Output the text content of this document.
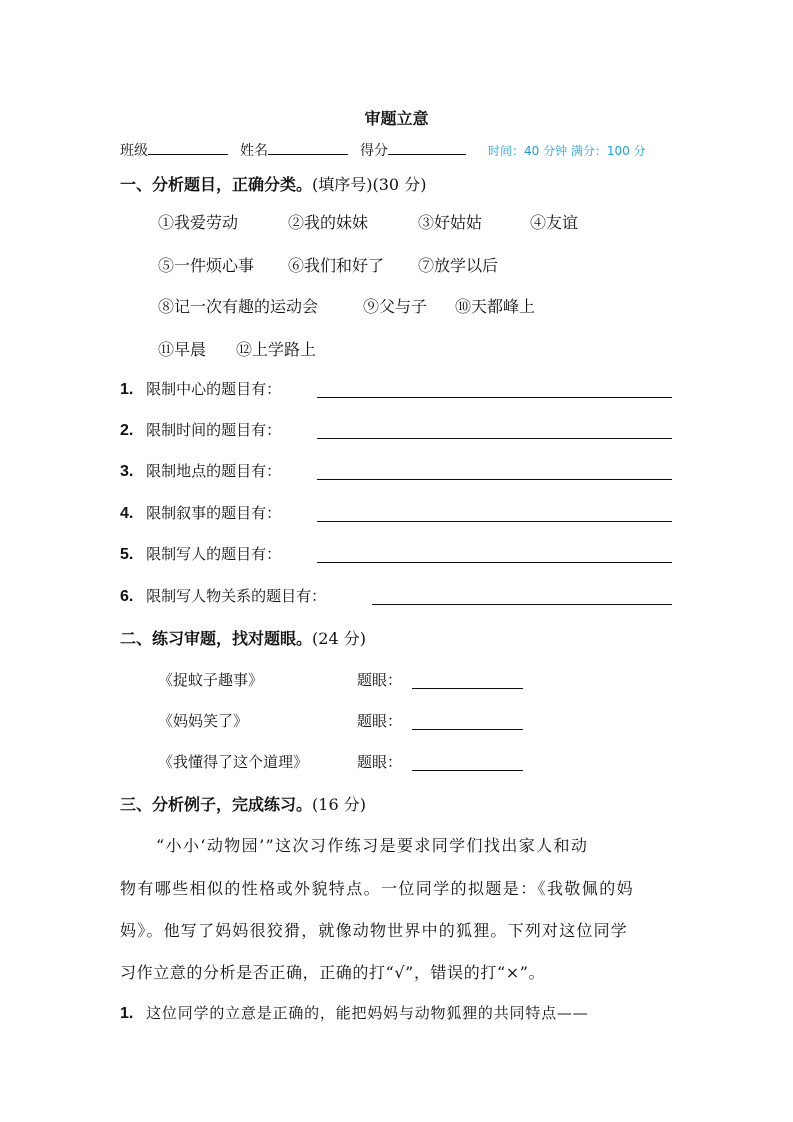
审题立意
班级	姓名	得分	时间：40 分钟 满分：100 分
一、分析题目，正确分类。(填序号)(30 分)
①我爱劳动	②我的妹妹	③好姑姑	④友谊
⑤一件烦心事 ⑥我们和好了 ⑦放学以后
⑧记一次有趣的运动会	⑨父与子 ⑩天都峰上
⑪早晨 ⑫上学路上
1. 限制中心的题目有：
2. 限制时间的题目有：
3. 限制地点的题目有：
4. 限制叙事的题目有：
5. 限制写人的题目有：
6. 限制写人物关系的题目有：
二、练习审题，找对题眼。(24 分)
《捉蚊子趣事》	题眼：
《妈妈笑了》	题眼：
《我懂得了这个道理》	题眼：
三、分析例子，完成练习。(16 分)
“小小‘动物园’”这次习作练习是要求同学们找出家人和动
物有哪些相似的性格或外貌特点。一位同学的拟题是：《我敬佩的妈
妈》。他写了妈妈很狡猾，就像动物世界中的狐狸。下列对这位同学
习作立意的分析是否正确，正确的打“√”，错误的打“×”。
1. 这位同学的立意是正确的，能把妈妈与动物狐狸的共同特点——
